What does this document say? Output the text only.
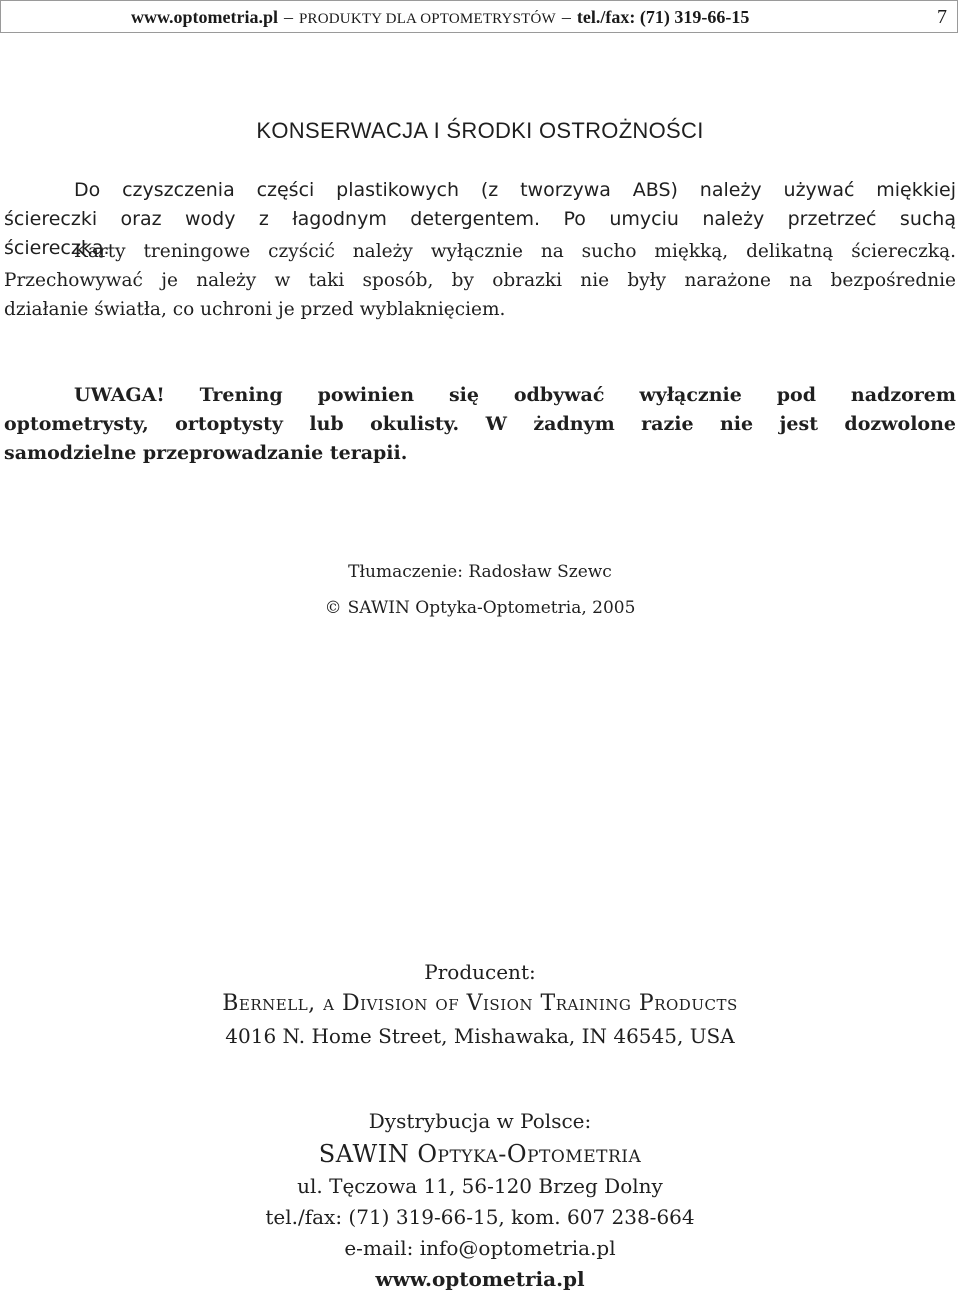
www.optometria.pl – PRODUKTY DLA OPTOMETRYSTÓW – tel./fax: (71) 319-66-15	7
KONSERWACJA I ŚRODKI OSTROŻNOŚCI
Do czyszczenia części plastikowych (z tworzywa ABS) należy używać miękkiej
ściereczki oraz wody z łagodnym detergentem. Po umyciu należy przetrzeć suchą
ściereczką.
Karty treningowe czyścić należy wyłącznie na sucho miękką, delikatną ściereczką.
Przechowywać je należy w taki sposób, by obrazki nie były narażone na bezpośrednie
działanie światła, co uchroni je przed wyblaknięciem.
UWAGA! Trening powinien się odbywać wyłącznie pod nadzorem
optometrysty, ortoptysty lub okulisty. W żadnym razie nie jest dozwolone
samodzielne przeprowadzanie terapii.
Tłumaczenie: Radosław Szewc
© SAWIN Optyka-Optometria, 2005
Producent:
Bernell, a Division of Vision Training Products
4016 N. Home Street, Mishawaka, IN 46545, USA
Dystrybucja w Polsce:
SAWIN Optyka-Optometria
ul. Tęczowa 11, 56-120 Brzeg Dolny
tel./fax: (71) 319-66-15, kom. 607 238-664
e-mail: info@optometria.pl
www.optometria.pl
